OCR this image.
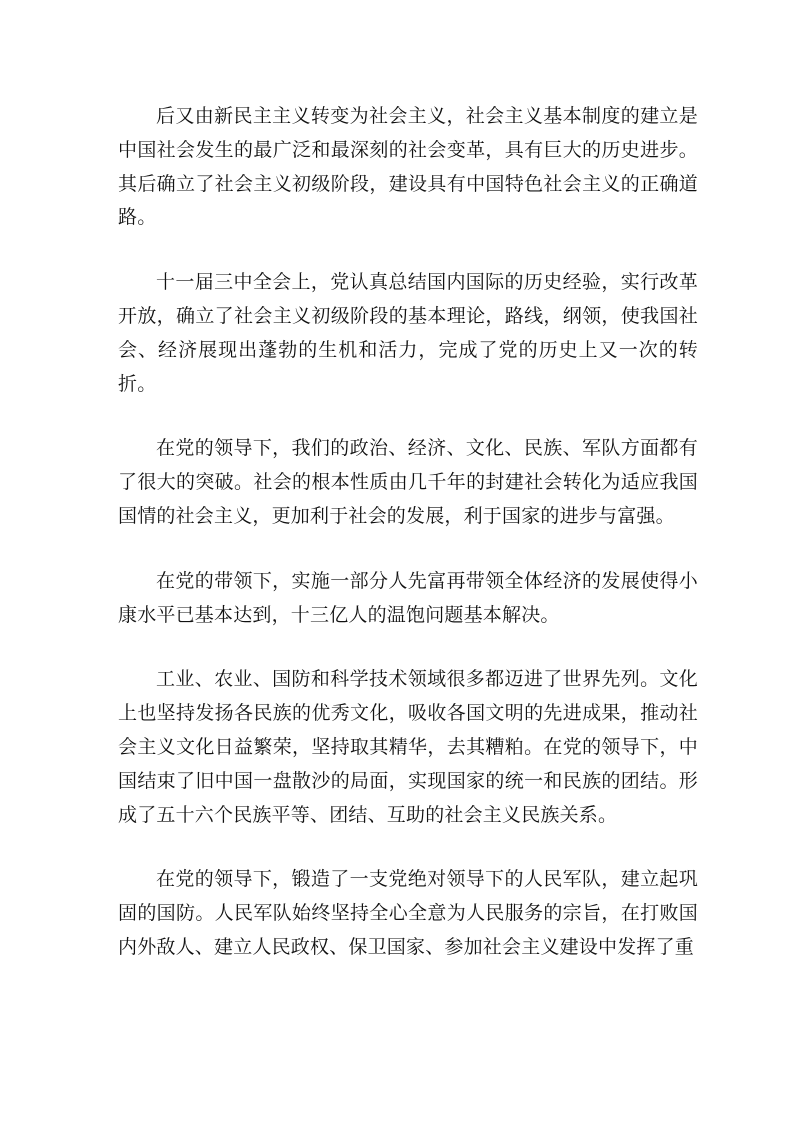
后又由新民主主义转变为社会主义，社会主义基本制度的建立是中国社会发生的最广泛和最深刻的社会变革，具有巨大的历史进步。其后确立了社会主义初级阶段，建设具有中国特色社会主义的正确道路。

十一届三中全会上，党认真总结国内国际的历史经验，实行改革开放，确立了社会主义初级阶段的基本理论，路线，纲领，使我国社会、经济展现出蓬勃的生机和活力，完成了党的历史上又一次的转折。

在党的领导下，我们的政治、经济、文化、民族、军队方面都有了很大的突破。社会的根本性质由几千年的封建社会转化为适应我国国情的社会主义，更加利于社会的发展，利于国家的进步与富强。

在党的带领下，实施一部分人先富再带领全体经济的发展使得小康水平已基本达到，十三亿人的温饱问题基本解决。

工业、农业、国防和科学技术领域很多都迈进了世界先列。文化上也坚持发扬各民族的优秀文化，吸收各国文明的先进成果，推动社会主义文化日益繁荣，坚持取其精华，去其糟粕。在党的领导下，中国结束了旧中国一盘散沙的局面，实现国家的统一和民族的团结。形成了五十六个民族平等、团结、互助的社会主义民族关系。

在党的领导下，锻造了一支党绝对领导下的人民军队，建立起巩固的国防。人民军队始终坚持全心全意为人民服务的宗旨，在打败国内外敌人、建立人民政权、保卫国家、参加社会主义建设中发挥了重
